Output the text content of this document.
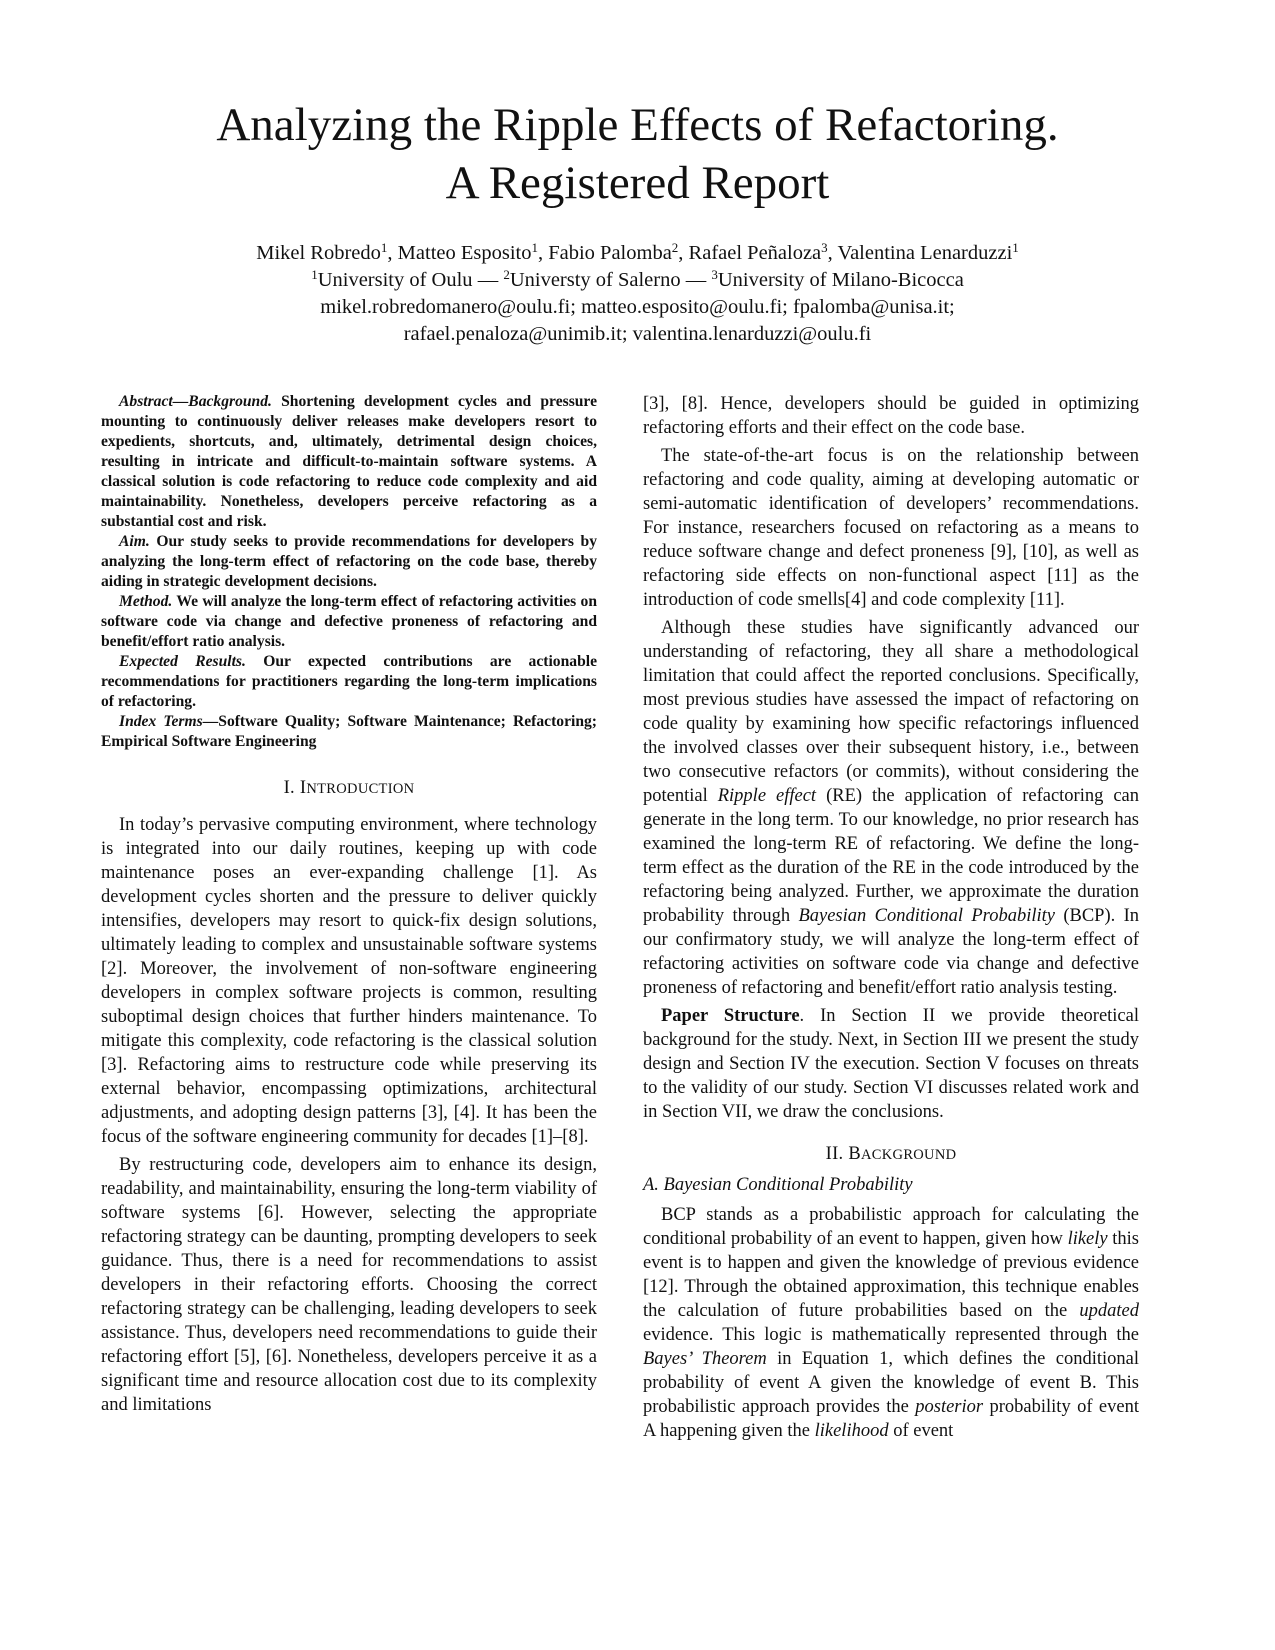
Analyzing the Ripple Effects of Refactoring.
A Registered Report
Mikel Robredo$^1$, Matteo Esposito$^1$, Fabio Palomba$^2$, Rafael Peñaloza$^3$, Valentina Lenarduzzi$^1$
$^1$University of Oulu — $^2$Universty of Salerno — $^3$University of Milano-Bicocca
mikel.robredomanero@oulu.fi; matteo.esposito@oulu.fi; fpalomba@unisa.it;
rafael.penaloza@unimib.it; valentina.lenarduzzi@oulu.fi

Abstract—Background. Shortening development cycles and pressure mounting to continuously deliver releases make developers resort to expedients, shortcuts, and, ultimately, detrimental design choices, resulting in intricate and difficult-to-maintain software systems. A classical solution is code refactoring to reduce code complexity and aid maintainability. Nonetheless, developers perceive refactoring as a substantial cost and risk.

Aim. Our study seeks to provide recommendations for developers by analyzing the long-term effect of refactoring on the code base, thereby aiding in strategic development decisions.

Method. We will analyze the long-term effect of refactoring activities on software code via change and defective proneness of refactoring and benefit/effort ratio analysis.

Expected Results. Our expected contributions are actionable recommendations for practitioners regarding the long-term implications of refactoring.

Index Terms—Software Quality; Software Maintenance; Refactoring; Empirical Software Engineering

I. INTRODUCTION

In today’s pervasive computing environment, where technology is integrated into our daily routines, keeping up with code maintenance poses an ever-expanding challenge [1]. As development cycles shorten and the pressure to deliver quickly intensifies, developers may resort to quick-fix design solutions, ultimately leading to complex and unsustainable software systems [2]. Moreover, the involvement of non-software engineering developers in complex software projects is common, resulting suboptimal design choices that further hinders maintenance. To mitigate this complexity, code refactoring is the classical solution [3]. Refactoring aims to restructure code while preserving its external behavior, encompassing optimizations, architectural adjustments, and adopting design patterns [3], [4]. It has been the focus of the software engineering community for decades [1]–[8].

By restructuring code, developers aim to enhance its design, readability, and maintainability, ensuring the long-term viability of software systems [6]. However, selecting the appropriate refactoring strategy can be daunting, prompting developers to seek guidance. Thus, there is a need for recommendations to assist developers in their refactoring efforts. Choosing the correct refactoring strategy can be challenging, leading developers to seek assistance. Thus, developers need recommendations to guide their refactoring effort [5], [6]. Nonetheless, developers perceive it as a significant time and resource allocation cost due to its complexity and limitations

[3], [8]. Hence, developers should be guided in optimizing refactoring efforts and their effect on the code base.

The state-of-the-art focus is on the relationship between refactoring and code quality, aiming at developing automatic or semi-automatic identification of developers’ recommendations. For instance, researchers focused on refactoring as a means to reduce software change and defect proneness [9], [10], as well as refactoring side effects on non-functional aspect [11] as the introduction of code smells[4] and code complexity [11].

Although these studies have significantly advanced our understanding of refactoring, they all share a methodological limitation that could affect the reported conclusions. Specifically, most previous studies have assessed the impact of refactoring on code quality by examining how specific refactorings influenced the involved classes over their subsequent history, i.e., between two consecutive refactors (or commits), without considering the potential Ripple effect (RE) the application of refactoring can generate in the long term. To our knowledge, no prior research has examined the long-term RE of refactoring. We define the long-term effect as the duration of the RE in the code introduced by the refactoring being analyzed. Further, we approximate the duration probability through Bayesian Conditional Probability (BCP). In our confirmatory study, we will analyze the long-term effect of refactoring activities on software code via change and defective proneness of refactoring and benefit/effort ratio analysis testing.

Paper Structure. In Section II we provide theoretical background for the study. Next, in Section III we present the study design and Section IV the execution. Section V focuses on threats to the validity of our study. Section VI discusses related work and in Section VII, we draw the conclusions.

II. BACKGROUND
A. Bayesian Conditional Probability

BCP stands as a probabilistic approach for calculating the conditional probability of an event to happen, given how likely this event is to happen and given the knowledge of previous evidence [12]. Through the obtained approximation, this technique enables the calculation of future probabilities based on the updated evidence. This logic is mathematically represented through the Bayes’ Theorem in Equation 1, which defines the conditional probability of event A given the knowledge of event B. This probabilistic approach provides the posterior probability of event A happening given the likelihood of event
